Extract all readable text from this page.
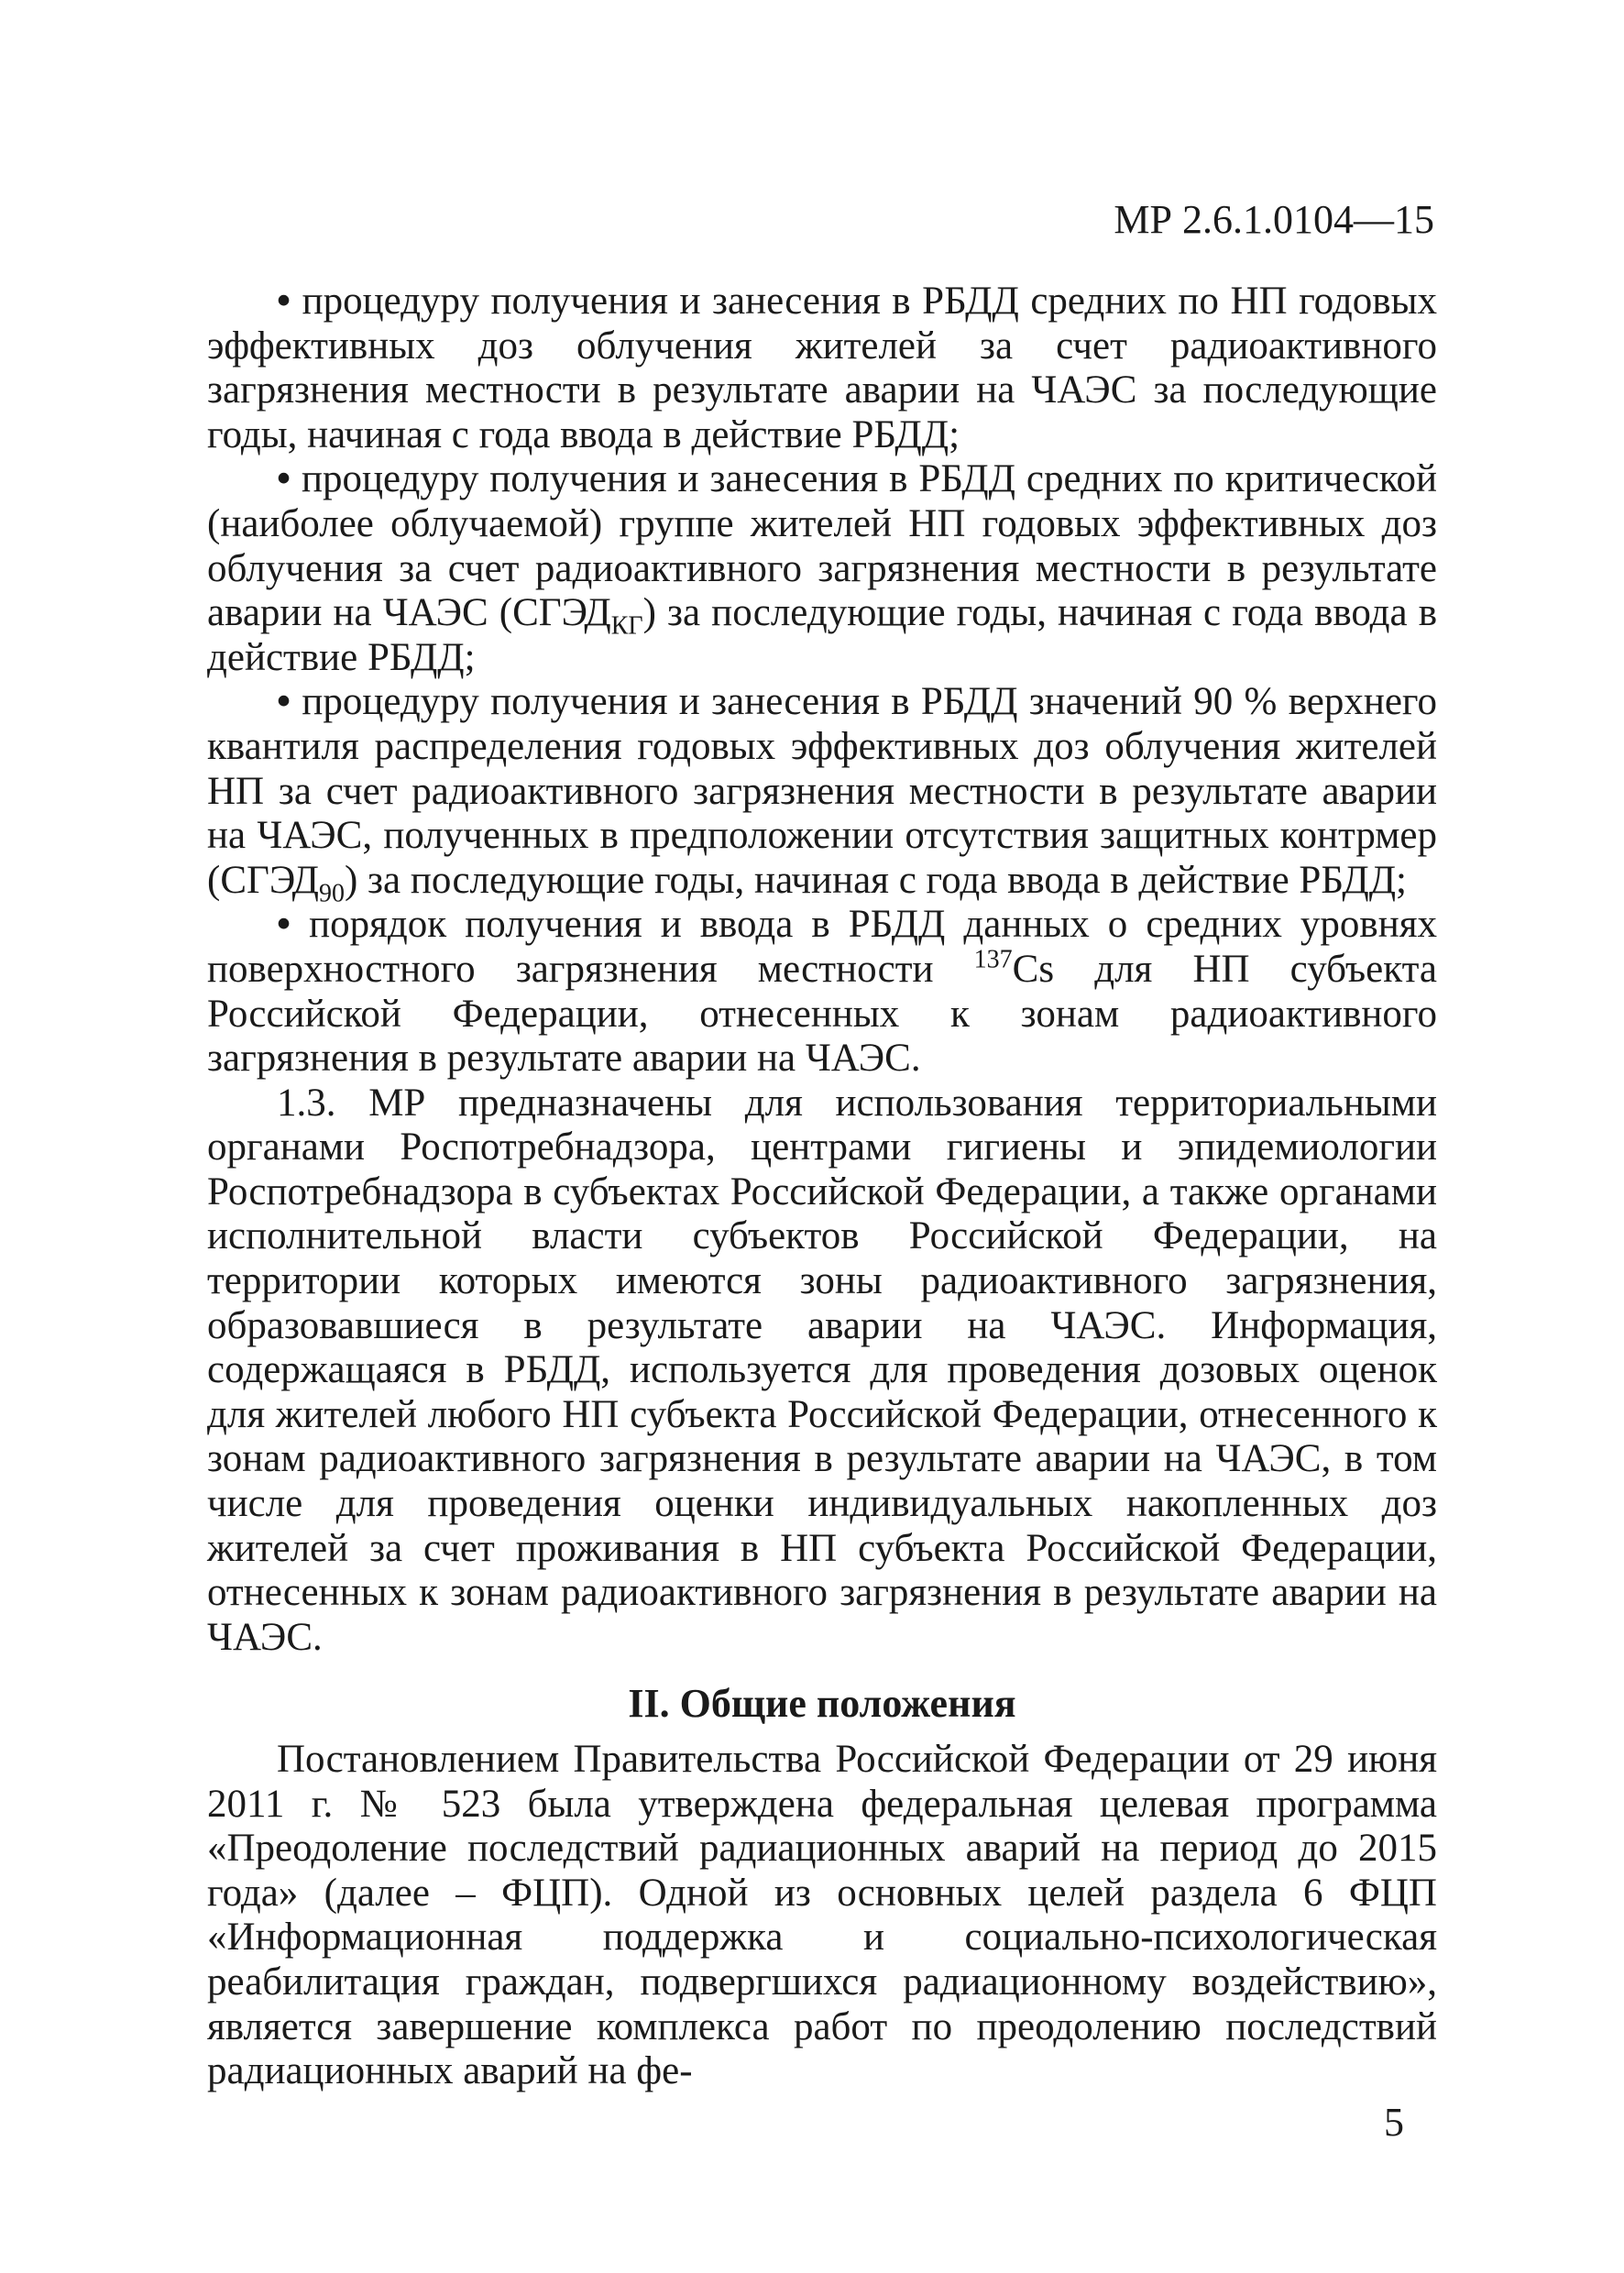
МР 2.6.1.0104—15

• процедуру получения и занесения в РБДД средних по НП годовых эффективных доз облучения жителей за счет радиоактивного загрязнения местности в результате аварии на ЧАЭС за последующие годы, начиная с года ввода в действие РБДД;

• процедуру получения и занесения в РБДД средних по критической (наиболее облучаемой) группе жителей НП годовых эффективных доз облучения за счет радиоактивного загрязнения местности в результате аварии на ЧАЭС $(СГЭД_{КГ})$ за последующие годы, начиная с года ввода в действие РБДД;

• процедуру получения и занесения в РБДД значений 90 % верхнего квантиля распределения годовых эффективных доз облучения жителей НП за счет радиоактивного загрязнения местности в результате аварии на ЧАЭС, полученных в предположении отсутствия защитных контрмер $(СГЭД_{90})$ за последующие годы, начиная с года ввода в действие РБДД;

• порядок получения и ввода в РБДД данных о средних уровнях поверхностного загрязнения местности $^{137}$Cs для НП субъекта Российской Федерации, отнесенных к зонам радиоактивного загрязнения в результате аварии на ЧАЭС.

1.3. МР предназначены для использования территориальными органами Роспотребнадзора, центрами гигиены и эпидемиологии Роспотребнадзора в субъектах Российской Федерации, а также органами исполнительной власти субъектов Российской Федерации, на территории которых имеются зоны радиоактивного загрязнения, образовавшиеся в результате аварии на ЧАЭС. Информация, содержащаяся в РБДД, используется для проведения дозовых оценок для жителей любого НП субъекта Российской Федерации, отнесенного к зонам радиоактивного загрязнения в результате аварии на ЧАЭС, в том числе для проведения оценки индивидуальных накопленных доз жителей за счет проживания в НП субъекта Российской Федерации, отнесенных к зонам радиоактивного загрязнения в результате аварии на ЧАЭС.

II. Общие положения

Постановлением Правительства Российской Федерации от 29 июня 2011 г. № 523 была утверждена федеральная целевая программа «Преодоление последствий радиационных аварий на период до 2015 года» (далее – ФЦП). Одной из основных целей раздела 6 ФЦП «Информационная поддержка и социально-психологическая реабилитация граждан, подвергшихся радиационному воздействию», является завершение комплекса работ по преодолению последствий радиационных аварий на фе-

5
